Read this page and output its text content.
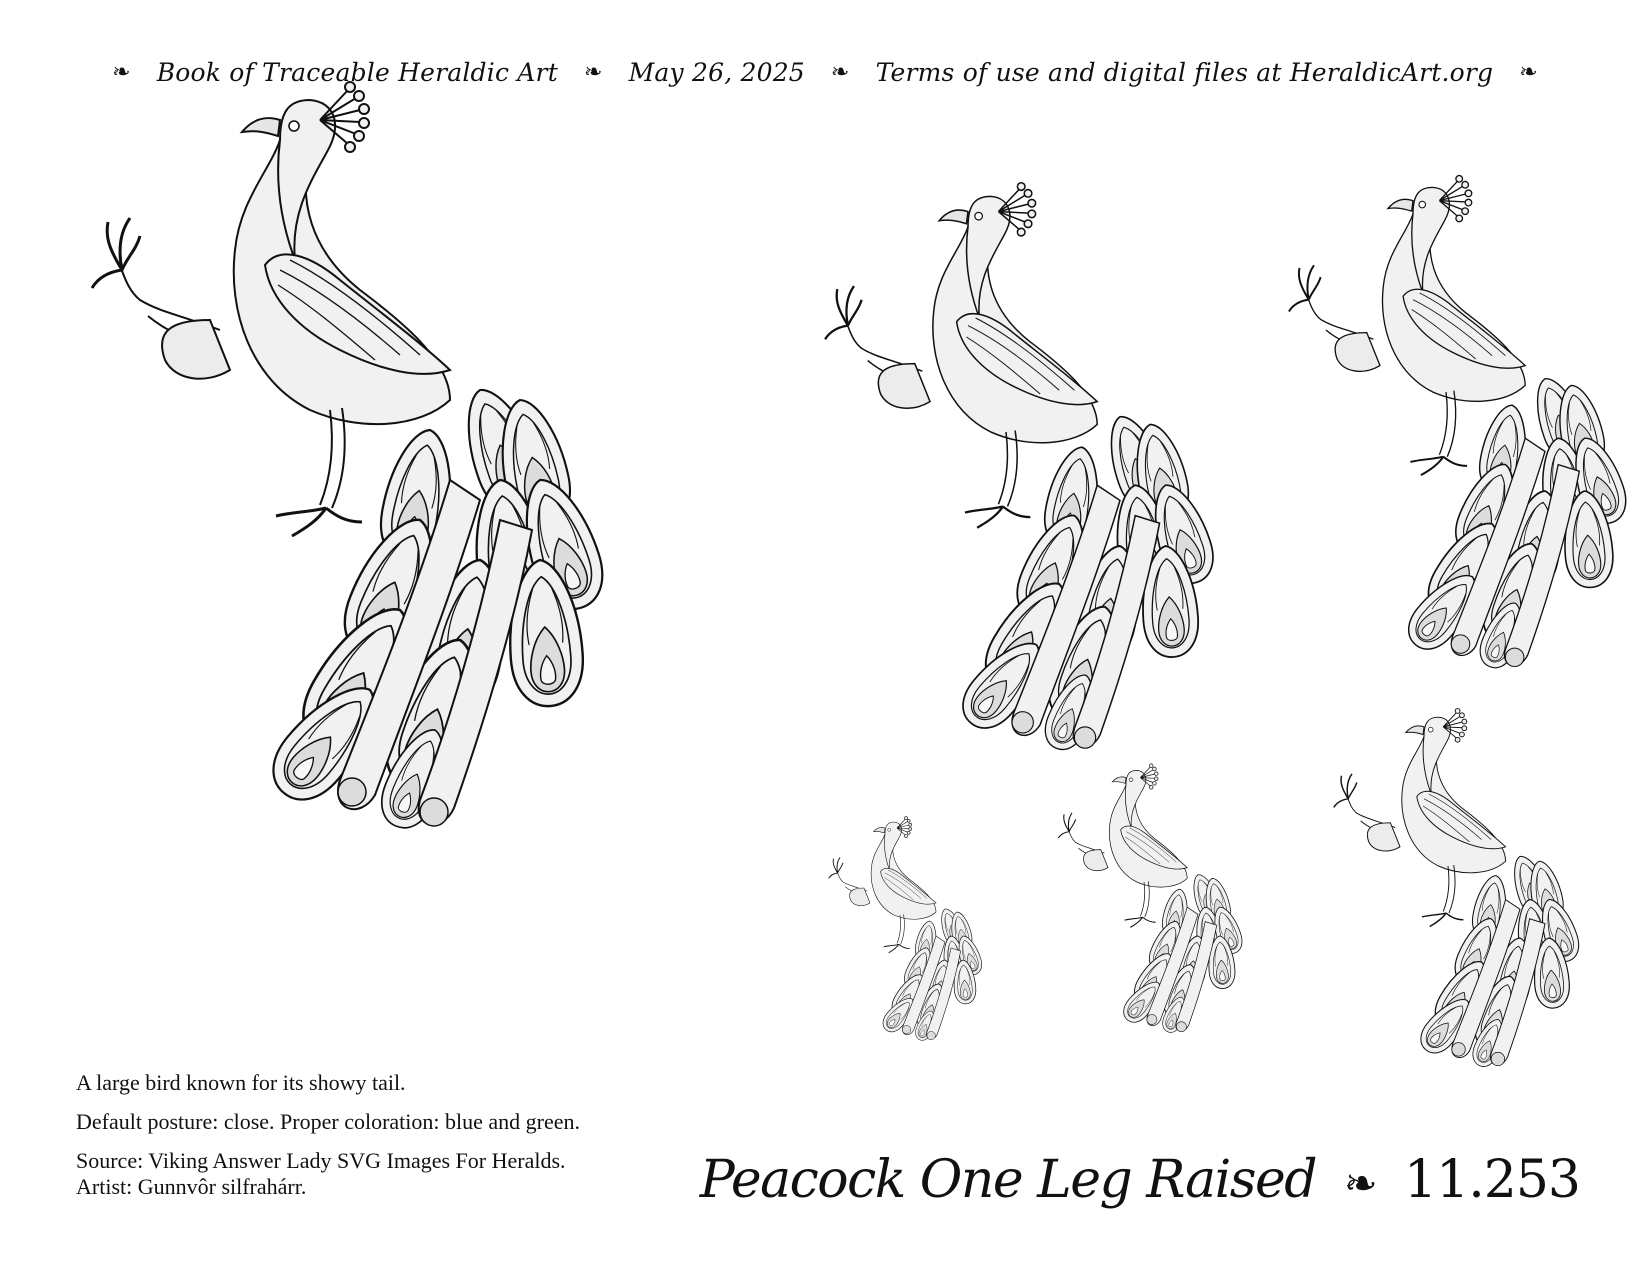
❧ Book of Traceable Heraldic Art ❧ May 26, 2025 ❧ Terms of use and digital files at HeraldicArt.org ❧

A large bird known for its showy tail.

Default posture: close. Proper coloration: blue and green.

Source: Viking Answer Lady SVG Images For Heralds.
Artist: Gunnvôr silfrahárr.	Peacock One Leg Raised ❧ 11.253
